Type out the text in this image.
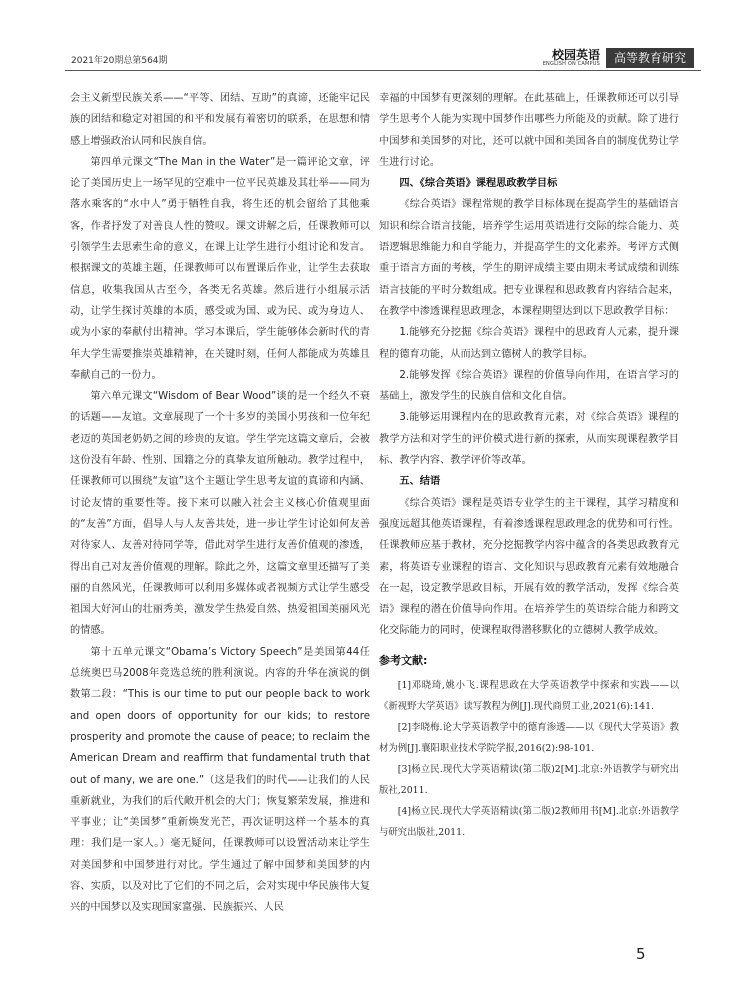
2021年20期总第564期	校园英语
ENGLISH ON CAMPUS	高等教育研究

会主义新型民族关系——“平等、团结、互助”的真谛，还能牢记民族的团结和稳定对祖国的和平和发展有着密切的联系，在思想和情感上增强政治认同和民族自信。

第四单元课文“The Man in the Water”是一篇评论文章，评论了美国历史上一场罕见的空难中一位平民英雄及其壮举——同为落水乘客的“水中人”勇于牺牲自我，将生还的机会留给了其他乘客，作者抒发了对善良人性的赞叹。课文讲解之后，任课教师可以引领学生去思索生命的意义，在课上让学生进行小组讨论和发言。根据课文的英雄主题，任课教师可以布置课后作业，让学生去获取信息，收集我国从古至今，各类无名英雄。然后进行小组展示活动，让学生探讨英雄的本质，感受或为国、或为民、或为身边人、或为小家的奉献付出精神。学习本课后，学生能够体会新时代的青年大学生需要推崇英雄精神，在关键时刻，任何人都能成为英雄且奉献自己的一份力。

第六单元课文“Wisdom of Bear Wood”谈的是一个经久不衰的话题——友谊。文章展现了一个十多岁的美国小男孩和一位年纪老迈的英国老奶奶之间的珍贵的友谊。学生学完这篇文章后，会被这份没有年龄、性别、国籍之分的真挚友谊所触动。教学过程中，任课教师可以围绕“友谊”这个主题让学生思考友谊的真谛和内涵、讨论友情的重要性等。接下来可以融入社会主义核心价值观里面的“友善”方面，倡导人与人友善共处，进一步让学生讨论如何友善对待家人、友善对待同学等，借此对学生进行友善价值观的渗透，得出自己对友善价值观的理解。除此之外，这篇文章里还描写了美丽的自然风光，任课教师可以利用多媒体或者视频方式让学生感受祖国大好河山的壮丽秀美，激发学生热爱自然、热爱祖国美丽风光的情感。

第十五单元课文“Obama’s Victory Speech”是美国第44任总统奥巴马2008年竞选总统的胜利演说。内容的升华在演说的倒数第二段：“This is our time to put our people back to work and open doors of opportunity for our kids; to restore prosperity and promote the cause of peace; to reclaim the American Dream and reaffirm that fundamental truth that out of many, we are one.”（这是我们的时代——让我们的人民重新就业，为我们的后代敞开机会的大门；恢复繁荣发展，推进和平事业；让“美国梦”重新焕发光芒，再次证明这样一个基本的真理：我们是一家人。）毫无疑问，任课教师可以设置活动来让学生对美国梦和中国梦进行对比。学生通过了解中国梦和美国梦的内容、实质，以及对比了它们的不同之后，会对实现中华民族伟大复兴的中国梦以及实现国家富强、民族振兴、人民

幸福的中国梦有更深刻的理解。在此基础上，任课教师还可以引导学生思考个人能为实现中国梦作出哪些力所能及的贡献。除了进行中国梦和美国梦的对比，还可以就中国和美国各自的制度优势让学生进行讨论。

四、《综合英语》课程思政教学目标

《综合英语》课程常规的教学目标体现在提高学生的基础语言知识和综合语言技能，培养学生运用英语进行交际的综合能力、英语逻辑思维能力和自学能力，并提高学生的文化素养。考评方式侧重于语言方面的考核，学生的期评成绩主要由期末考试成绩和训练语言技能的平时分数组成。把专业课程和思政教育内容结合起来，在教学中渗透课程思政理念，本课程期望达到以下思政教学目标：

1.能够充分挖掘《综合英语》课程中的思政育人元素，提升课程的德育功能，从而达到立德树人的教学目标。

2.能够发挥《综合英语》课程的价值导向作用，在语言学习的基础上，激发学生的民族自信和文化自信。

3.能够运用课程内在的思政教育元素，对《综合英语》课程的教学方法和对学生的评价模式进行新的探索，从而实现课程教学目标、教学内容、教学评价等改革。

五、结语

《综合英语》课程是英语专业学生的主干课程，其学习精度和强度远超其他英语课程，有着渗透课程思政理念的优势和可行性。任课教师应基于教材，充分挖掘教学内容中蕴含的各类思政教育元素，将英语专业课程的语言、文化知识与思政教育元素有效地融合在一起，设定教学思政目标，开展有效的教学活动，发挥《综合英语》课程的潜在价值导向作用。在培养学生的英语综合能力和跨文化交际能力的同时，使课程取得潜移默化的立德树人教学成效。

参考文献:

[1]邓晓琦,姚小飞.课程思政在大学英语教学中探索和实践——以《新视野大学英语》读写教程为例[J].现代商贸工业,2021(6):141.

[2]李晓梅.论大学英语教学中的德育渗透——以《现代大学英语》教材为例[J].襄阳职业技术学院学报,2016(2):98-101.

[3]杨立民.现代大学英语精读(第二版)2[M].北京:外语教学与研究出版社,2011.

[4]杨立民.现代大学英语精读(第二版)2教师用书[M].北京:外语教学与研究出版社,2011.

5
